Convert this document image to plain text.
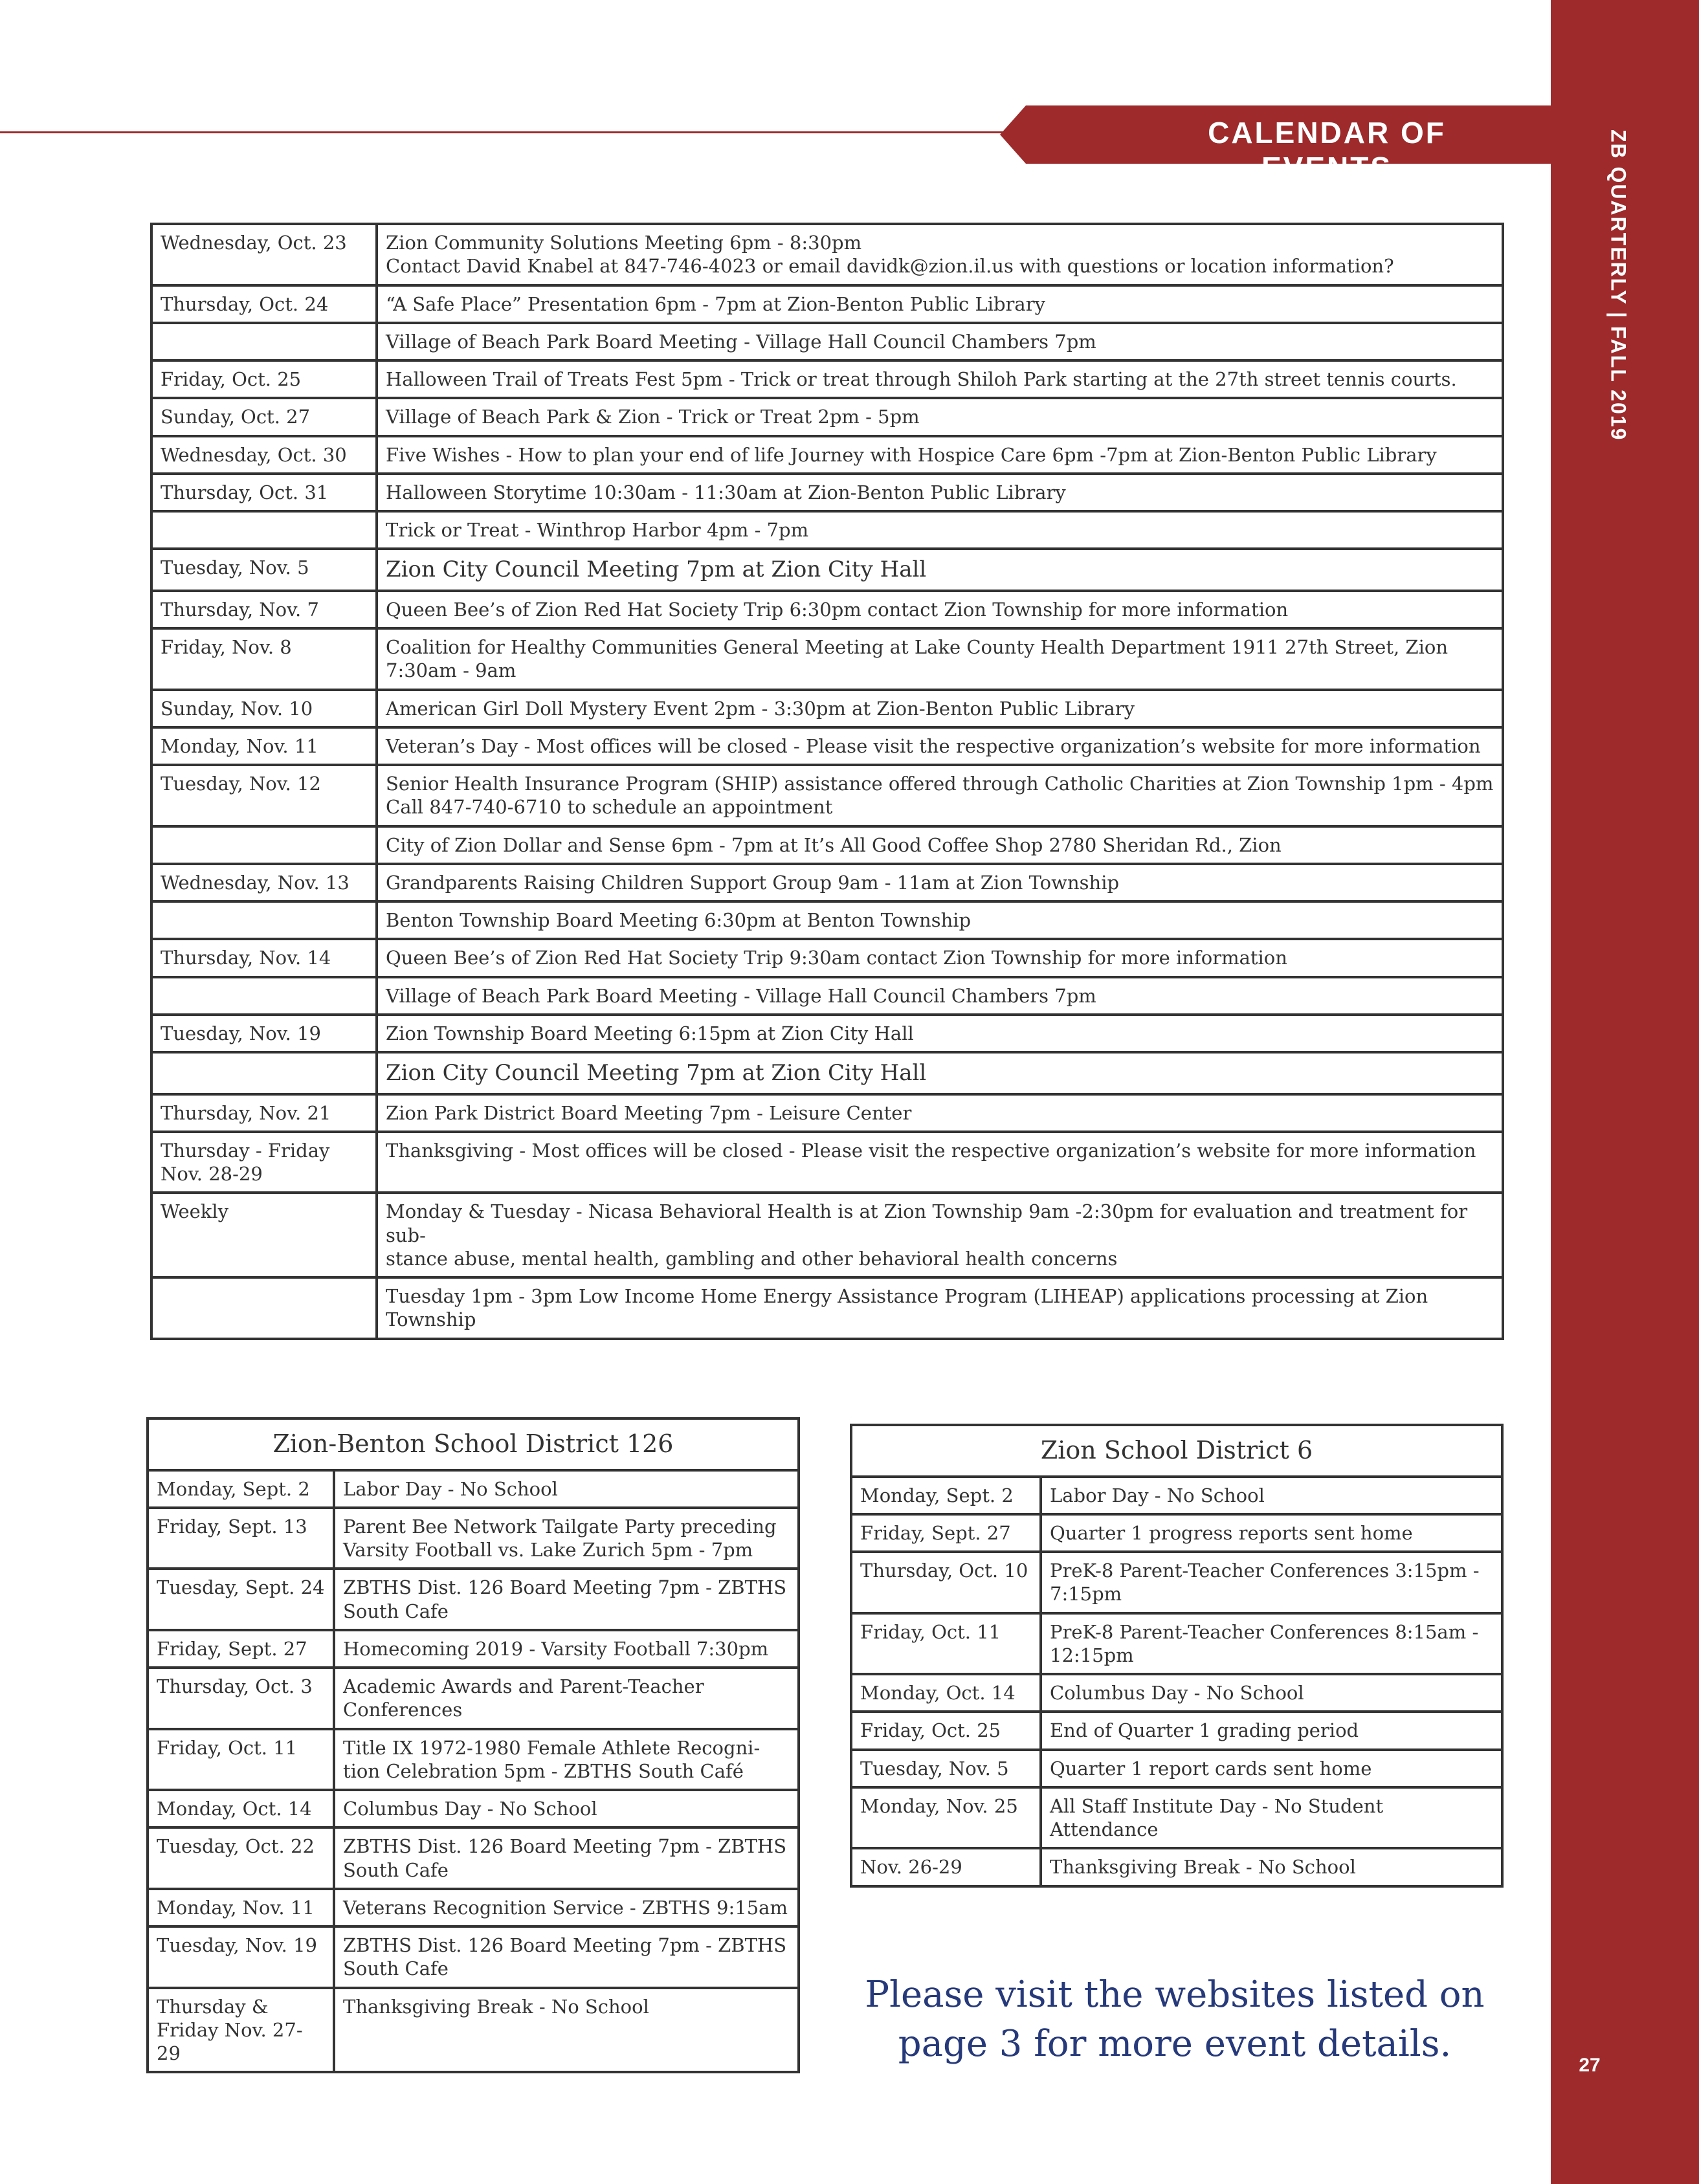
ZB QUARTERLY | FALL 2019
27
CALENDAR OF EVENTS
Wednesday, Oct. 23	Zion Community Solutions Meeting 6pm - 8:30pm
Contact David Knabel at 847-746-4023 or email davidk@zion.il.us with questions or location information?

Thursday, Oct. 24	“A Safe Place” Presentation 6pm - 7pm at Zion-Benton Public Library

	Village of Beach Park Board Meeting - Village Hall Council Chambers 7pm

Friday, Oct. 25	Halloween Trail of Treats Fest 5pm - Trick or treat through Shiloh Park starting at the 27th street tennis courts.

Sunday, Oct. 27	Village of Beach Park & Zion - Trick or Treat 2pm - 5pm

Wednesday, Oct. 30	Five Wishes - How to plan your end of life Journey with Hospice Care 6pm -7pm at Zion-Benton Public Library

Thursday, Oct. 31	Halloween Storytime 10:30am - 11:30am at Zion-Benton Public Library

	Trick or Treat - Winthrop Harbor 4pm - 7pm

Tuesday, Nov. 5	Zion City Council Meeting 7pm at Zion City Hall

Thursday, Nov. 7	Queen Bee’s of Zion Red Hat Society Trip 6:30pm contact Zion Township for more information

Friday, Nov. 8	Coalition for Healthy Communities General Meeting at Lake County Health Department 1911 27th Street, Zion 7:30am - 9am

Sunday, Nov. 10	American Girl Doll Mystery Event 2pm - 3:30pm at Zion-Benton Public Library

Monday, Nov. 11	Veteran’s Day - Most offices will be closed - Please visit the respective organization’s website for more information

Tuesday, Nov. 12	Senior Health Insurance Program (SHIP) assistance offered through Catholic Charities at Zion Township 1pm - 4pm
Call 847-740-6710 to schedule an appointment

	City of Zion Dollar and Sense 6pm - 7pm at It’s All Good Coffee Shop 2780 Sheridan Rd., Zion

Wednesday, Nov. 13	Grandparents Raising Children Support Group 9am - 11am at Zion Township

	Benton Township Board Meeting 6:30pm at Benton Township

Thursday, Nov. 14	Queen Bee’s of Zion Red Hat Society Trip 9:30am contact Zion Township for more information

	Village of Beach Park Board Meeting - Village Hall Council Chambers 7pm

Tuesday, Nov. 19	Zion Township Board Meeting 6:15pm at Zion City Hall

	Zion City Council Meeting 7pm at Zion City Hall

Thursday, Nov. 21	Zion Park District Board Meeting 7pm - Leisure Center

Thursday - Friday Nov. 28-29	Thanksgiving - Most offices will be closed - Please visit the respective organization’s website for more information

Weekly	Monday & Tuesday - Nicasa Behavioral Health is at Zion Township 9am -2:30pm for evaluation and treatment for sub-
stance abuse, mental health, gambling and other behavioral health concerns

	Tuesday 1pm - 3pm Low Income Home Energy Assistance Program (LIHEAP) applications processing at Zion Township
Zion-Benton School District 126	
Monday, Sept. 2	Labor Day - No School
Friday, Sept. 13	Parent Bee Network Tailgate Party preceding Varsity Football vs. Lake Zurich 5pm - 7pm
Tuesday, Sept. 24	ZBTHS Dist. 126 Board Meeting 7pm - ZBTHS South Cafe
Friday, Sept. 27	Homecoming 2019 - Varsity Football 7:30pm
Thursday, Oct. 3	Academic Awards and Parent-Teacher Conferences
Friday, Oct. 11	Title IX 1972-1980 Female Athlete Recogni-tion Celebration 5pm - ZBTHS South Café
Monday, Oct. 14	Columbus Day - No School
Tuesday, Oct. 22	ZBTHS Dist. 126 Board Meeting 7pm - ZBTHS South Cafe
Monday, Nov. 11	Veterans Recognition Service - ZBTHS 9:15am
Tuesday, Nov. 19	ZBTHS Dist. 126 Board Meeting 7pm - ZBTHS South Cafe
Thursday & Friday Nov. 27-29	Thanksgiving Break - No School
Zion School District 6	
Monday, Sept. 2	Labor Day - No School
Friday, Sept. 27	Quarter 1 progress reports sent home
Thursday, Oct. 10	PreK-8 Parent-Teacher Conferences 3:15pm - 7:15pm
Friday, Oct. 11	PreK-8 Parent-Teacher Conferences 8:15am - 12:15pm
Monday, Oct. 14	Columbus Day - No School
Friday, Oct. 25	End of Quarter 1 grading period
Tuesday, Nov. 5	Quarter 1 report cards sent home
Monday, Nov. 25	All Staff Institute Day - No Student Attendance
Nov. 26-29	Thanksgiving Break - No School
Please visit the websites listed on page 3 for more event details.
